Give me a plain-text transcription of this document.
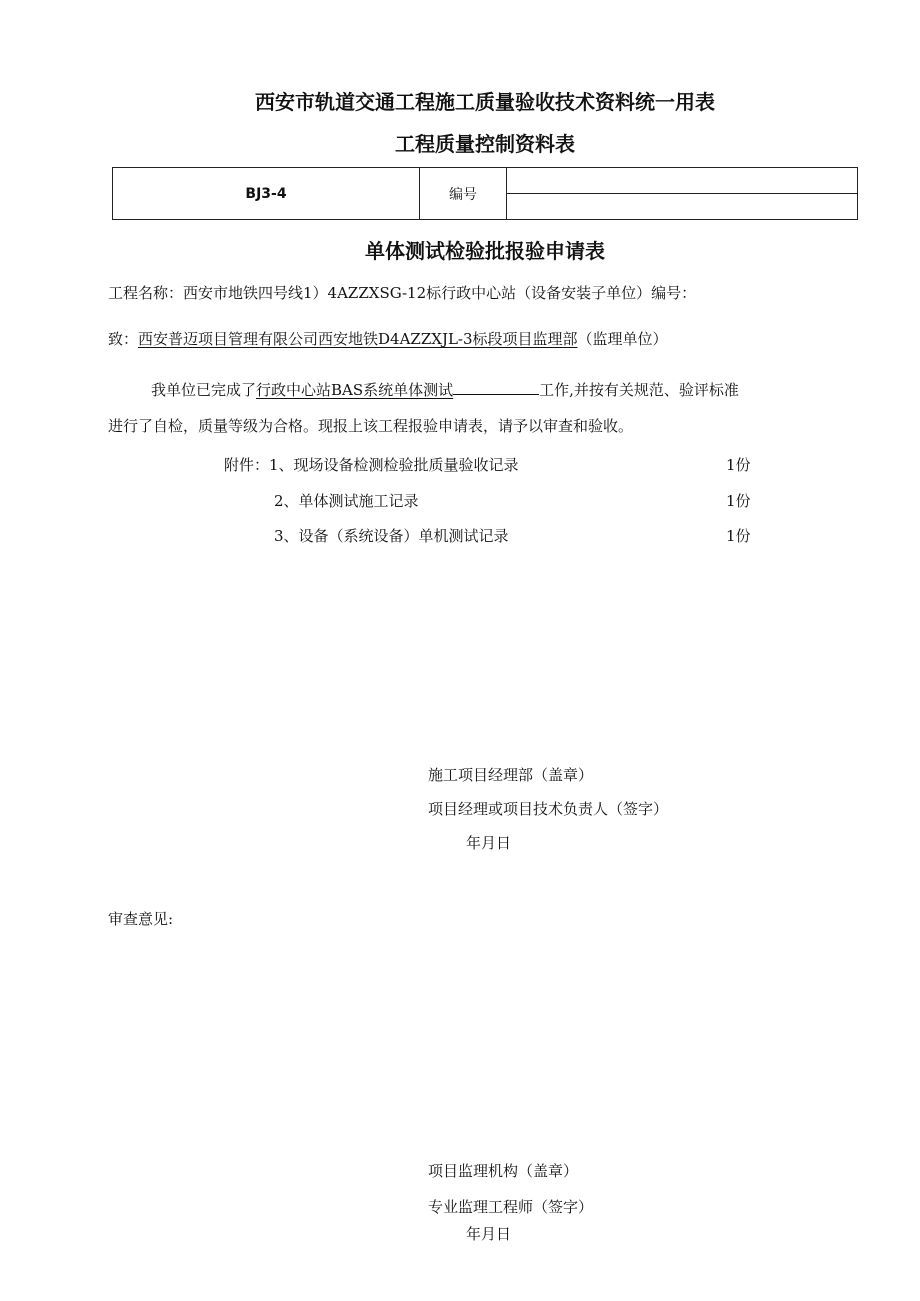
西安市轨道交通工程施工质量验收技术资料统一用表
工程质量控制资料表
BJ3-4	编号	

单体测试检验批报验申请表
工程名称：西安市地铁四号线1）4AZZXSG-12标行政中心站（设备安装子单位）编号：
致：西安普迈项目管理有限公司西安地铁D4AZZXJL-3标段项目监理部（监理单位）
我单位已完成了行政中心站BAS系统单体测试	工作,并按有关规范、验评标准
进行了自检，质量等级为合格。现报上该工程报验申请表，请予以审查和验收。
附件：1、现场设备检测检验批质量验收记录	1份
2、单体测试施工记录	1份
3、设备（系统设备）单机测试记录	1份
施工项目经理部（盖章）
项目经理或项目技术负责人（签字）
年月日
审查意见:
项目监理机构（盖章）
专业监理工程师（签字）
年月日
